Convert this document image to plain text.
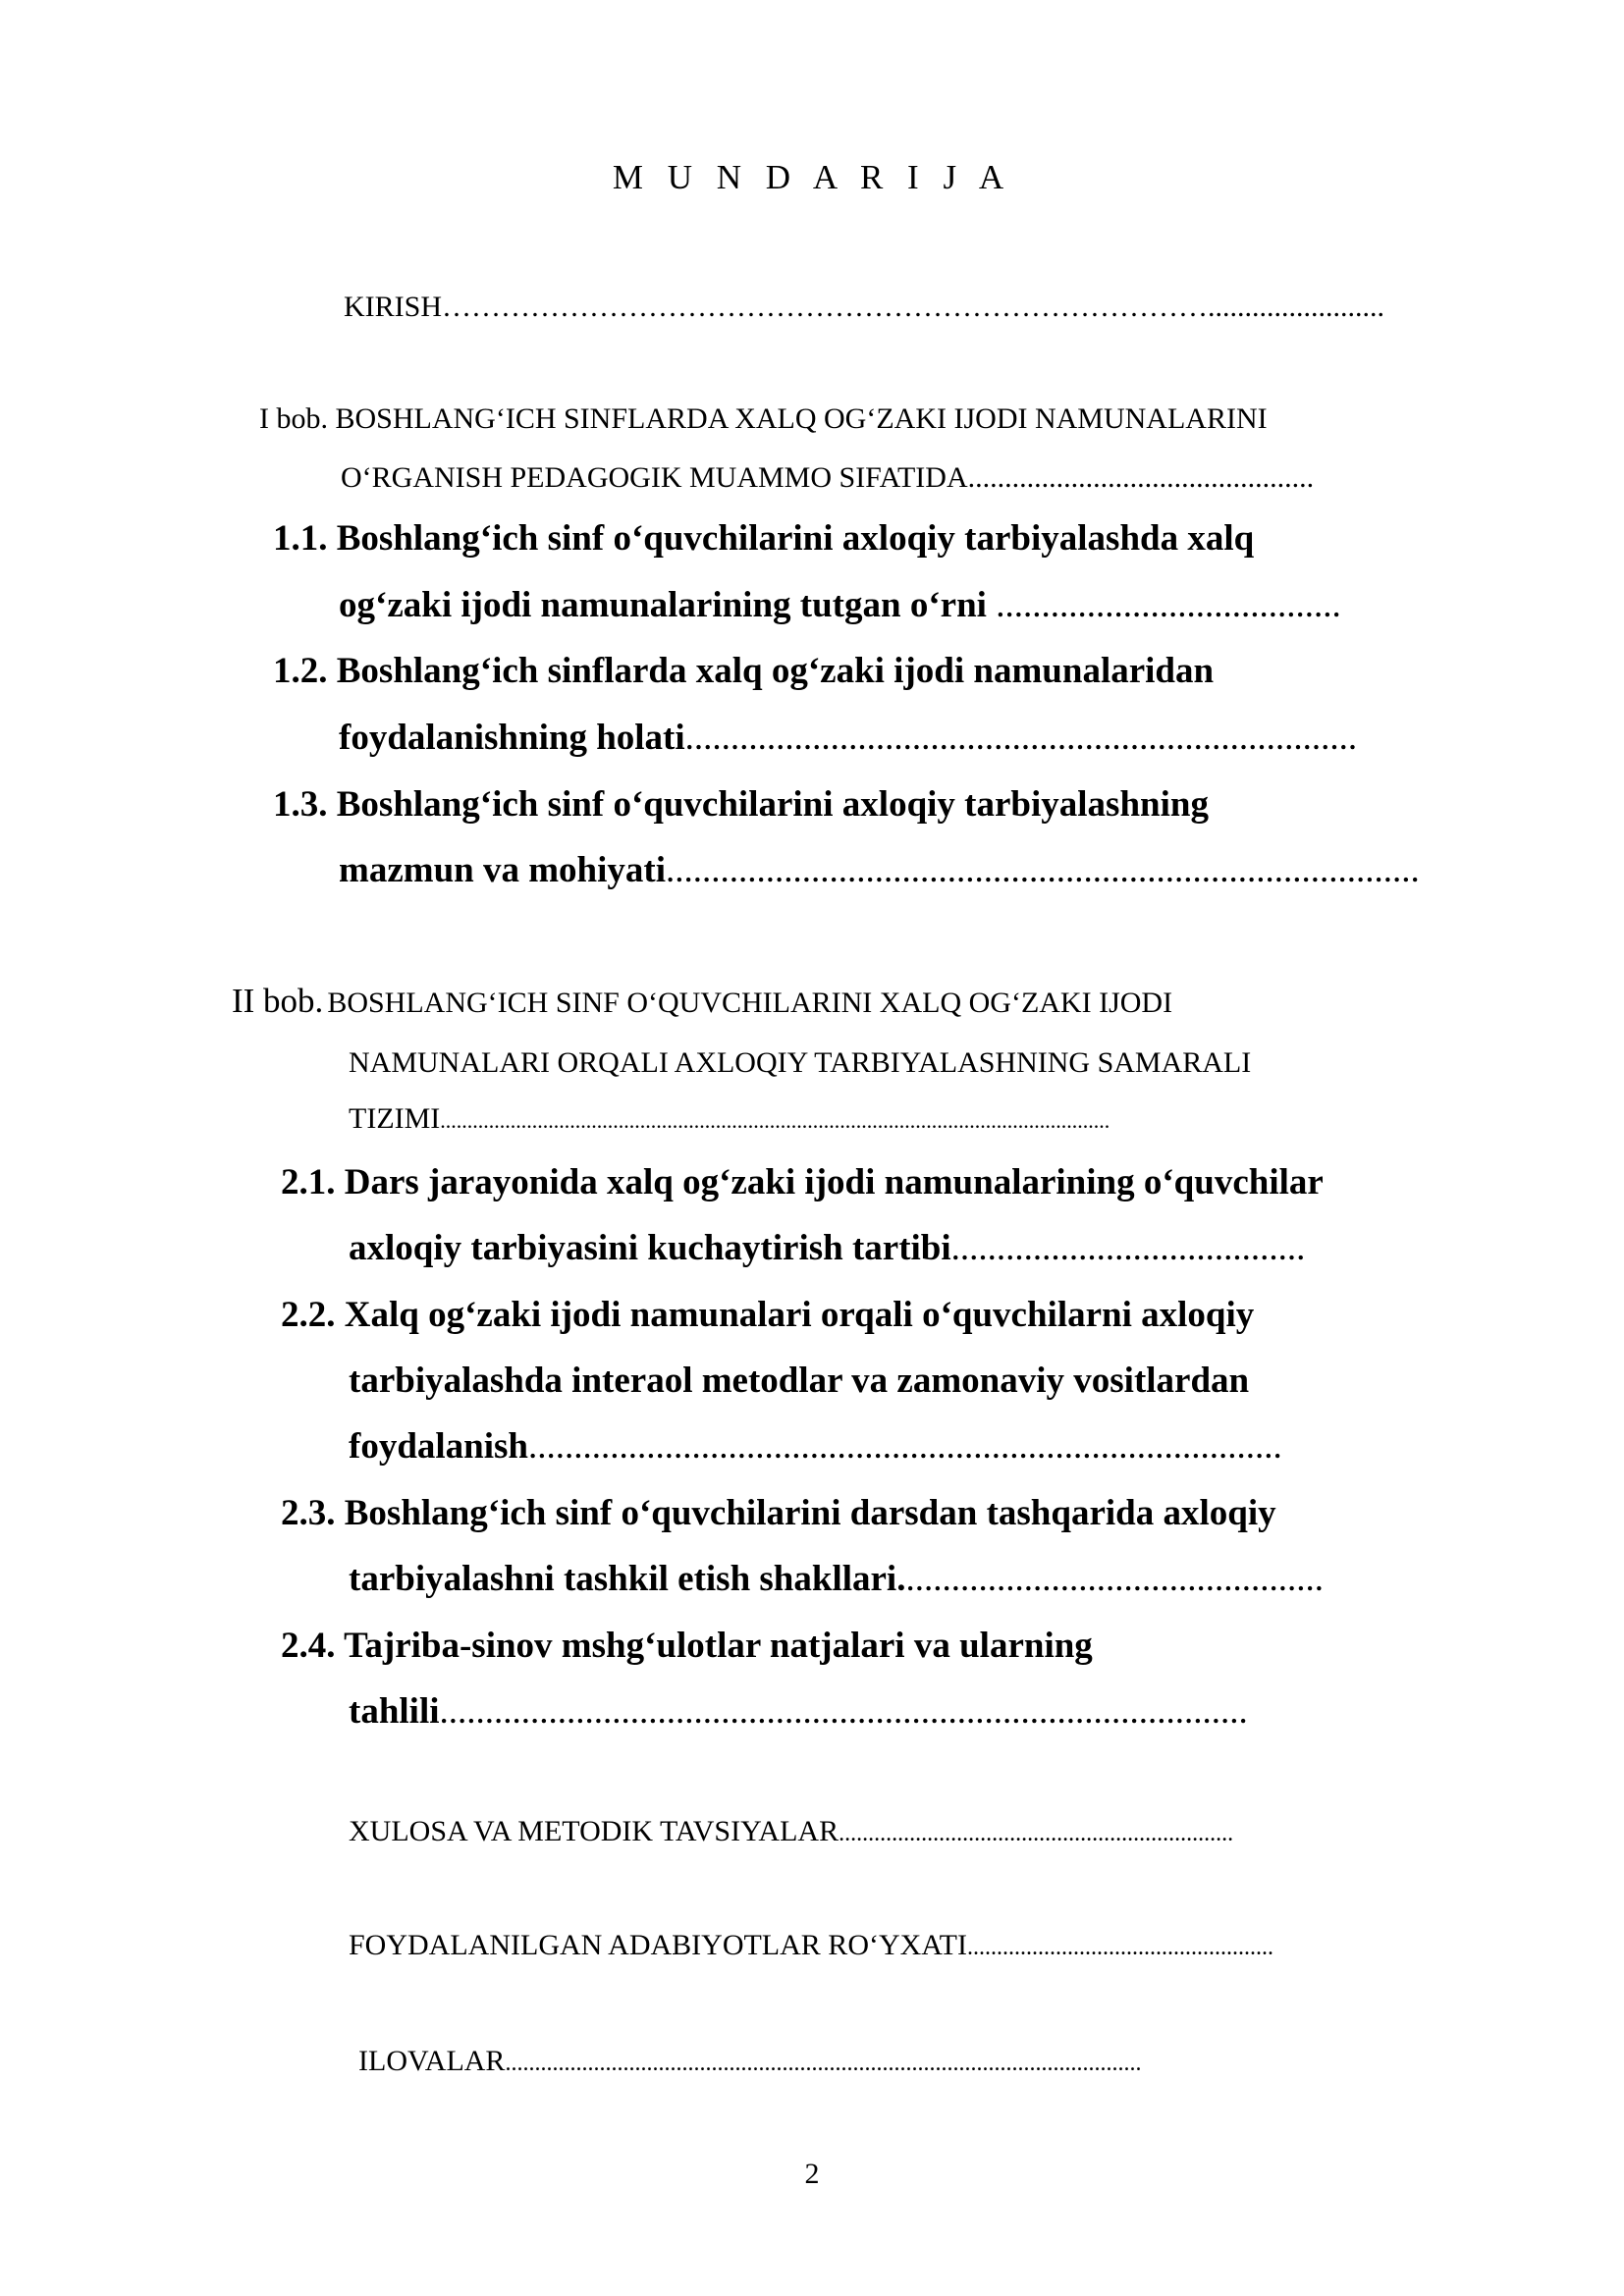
M U N D A R I J A
KIRISH……………………………………………………………………........................
I bob. BOSHLANG‘ICH SINFLARDA XALQ OG‘ZAKI IJODI NAMUNALARINI
O‘RGANISH PEDAGOGIK MUAMMO SIFATIDA...............................................
1.1. Boshlang‘ich sinf o‘quvchilarini axloqiy tarbiyalashda xalq
og‘zaki ijodi namunalarining tutgan o‘rni ......................................
1.2. Boshlang‘ich sinflarda xalq og‘zaki ijodi namunalaridan
foydalanishning holati..........................................................................
1.3. Boshlang‘ich sinf o‘quvchilarini axloqiy tarbiyalashning
mazmun va mohiyati...................................................................................
II bob. BOSHLANG‘ICH SINF O‘QUVCHILARINI XALQ OG‘ZAKI IJODI
NAMUNALARI ORQALI AXLOQIY TARBIYALASHNING SAMARALI
TIZIMI............................................................................................................................
2.1. Dars jarayonida xalq og‘zaki ijodi namunalarining o‘quvchilar
axloqiy tarbiyasini kuchaytirish tartibi.......................................
2.2. Xalq og‘zaki ijodi namunalari orqali o‘quvchilarni axloqiy
tarbiyalashda interaol metodlar va zamonaviy vositlardan
foydalanish...................................................................................
2.3. Boshlang‘ich sinf o‘quvchilarini darsdan tashqarida axloqiy
tarbiyalashni tashkil etish shakllari...............................................
2.4. Tajriba-sinov mshg‘ulotlar natjalari va ularning
tahlili.........................................................................................
XULOSA VA METODIK TAVSIYALAR...................................................................
FOYDALANILGAN ADABIYOTLAR RO‘YXATI....................................................
ILOVALAR............................................................................................................
2
